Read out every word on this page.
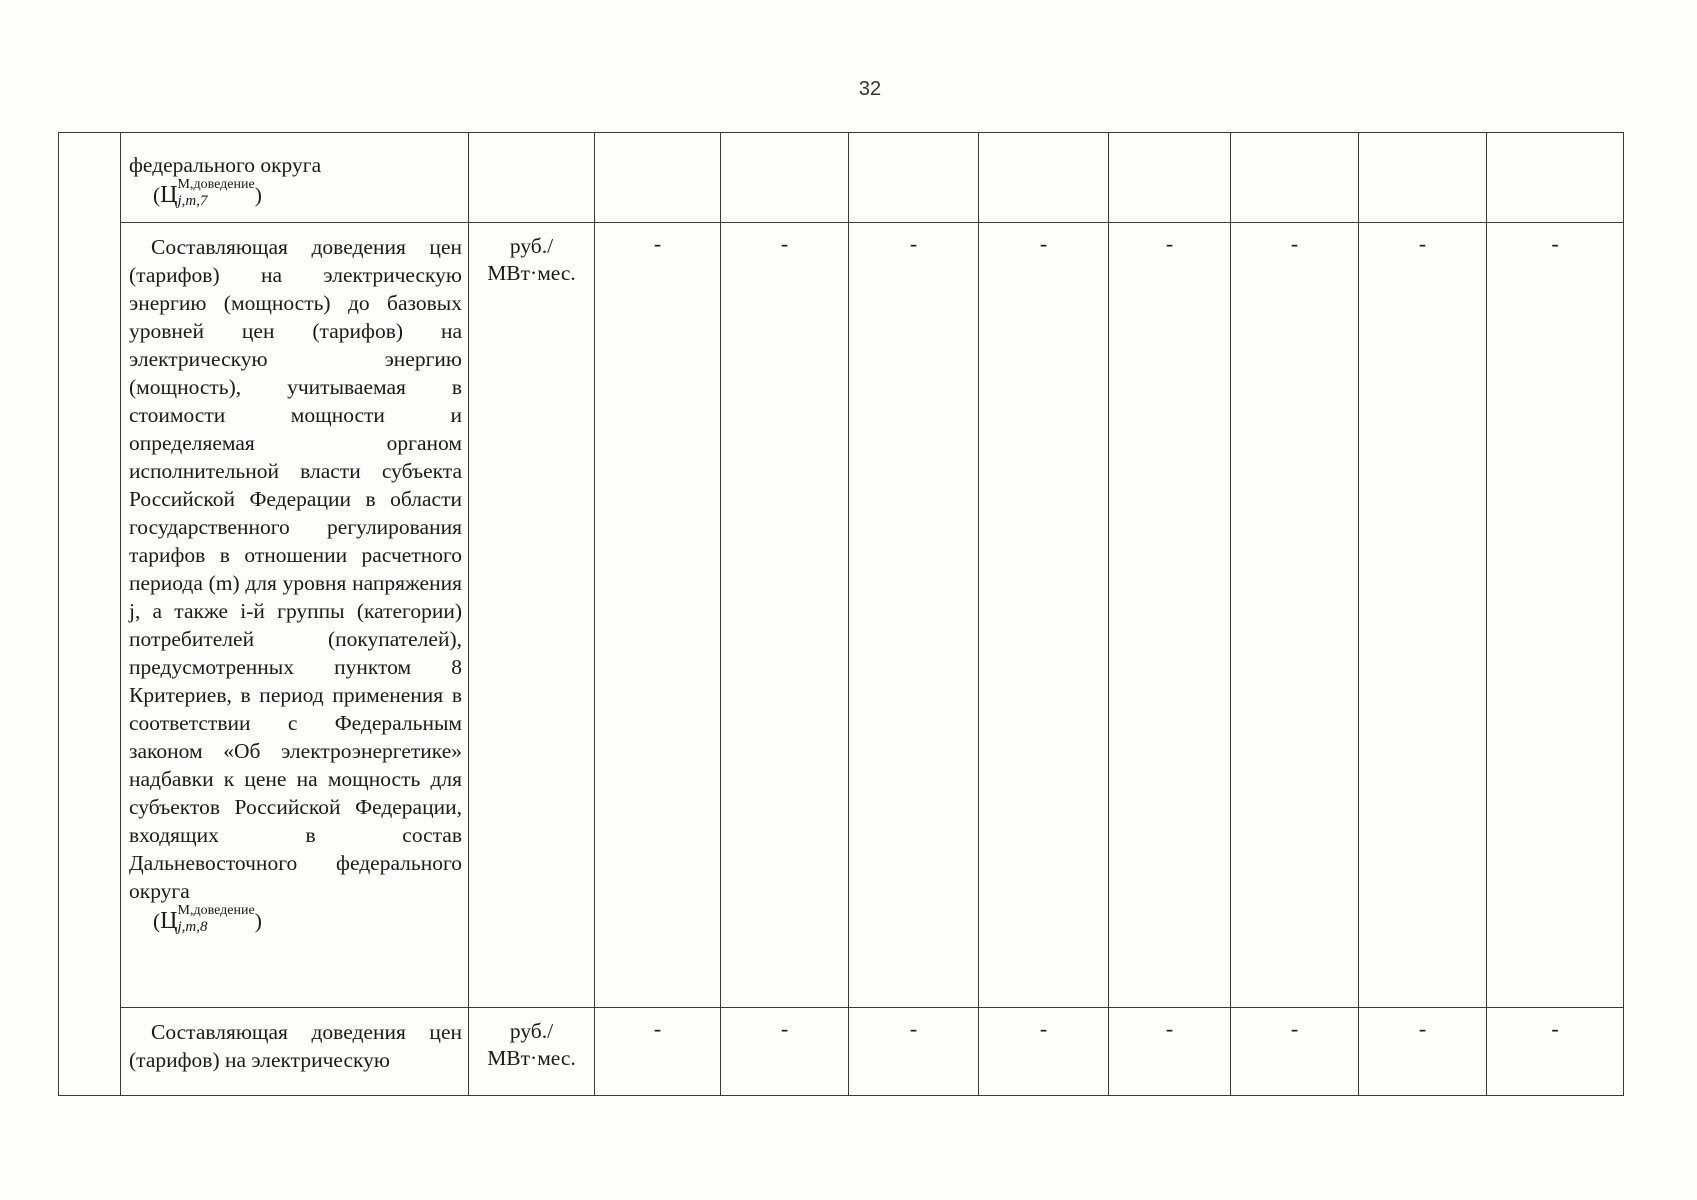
32

	федерального округа
(Ц М,доведение
j,m,7 )									

	Составляющая доведения цен (тарифов) на электрическую энергию (мощность) до базовых уровней цен (тарифов) на электрическую энергию (мощность), учитываемая в стоимости мощности и определяемая органом исполнительной власти субъекта Российской Федерации в области государственного регулирования тарифов в отношении расчетного периода (m) для уровня напряжения j, а также i-й группы (категории) потребителей (покупателей), предусмотренных пунктом 8 Критериев, в период применения в соответствии с Федеральным законом «Об электроэнергетике» надбавки к цене на мощность для субъектов Российской Федерации, входящих в состав Дальневосточного федерального округа
(Ц М,доведение
j,m,8 )	руб./ МВт·мес.	-	-	-	-	-	-	-	-

	Составляющая доведения цен (тарифов) на электрическую	руб./ МВт·мес.	-	-	-	-	-	-	-	-
